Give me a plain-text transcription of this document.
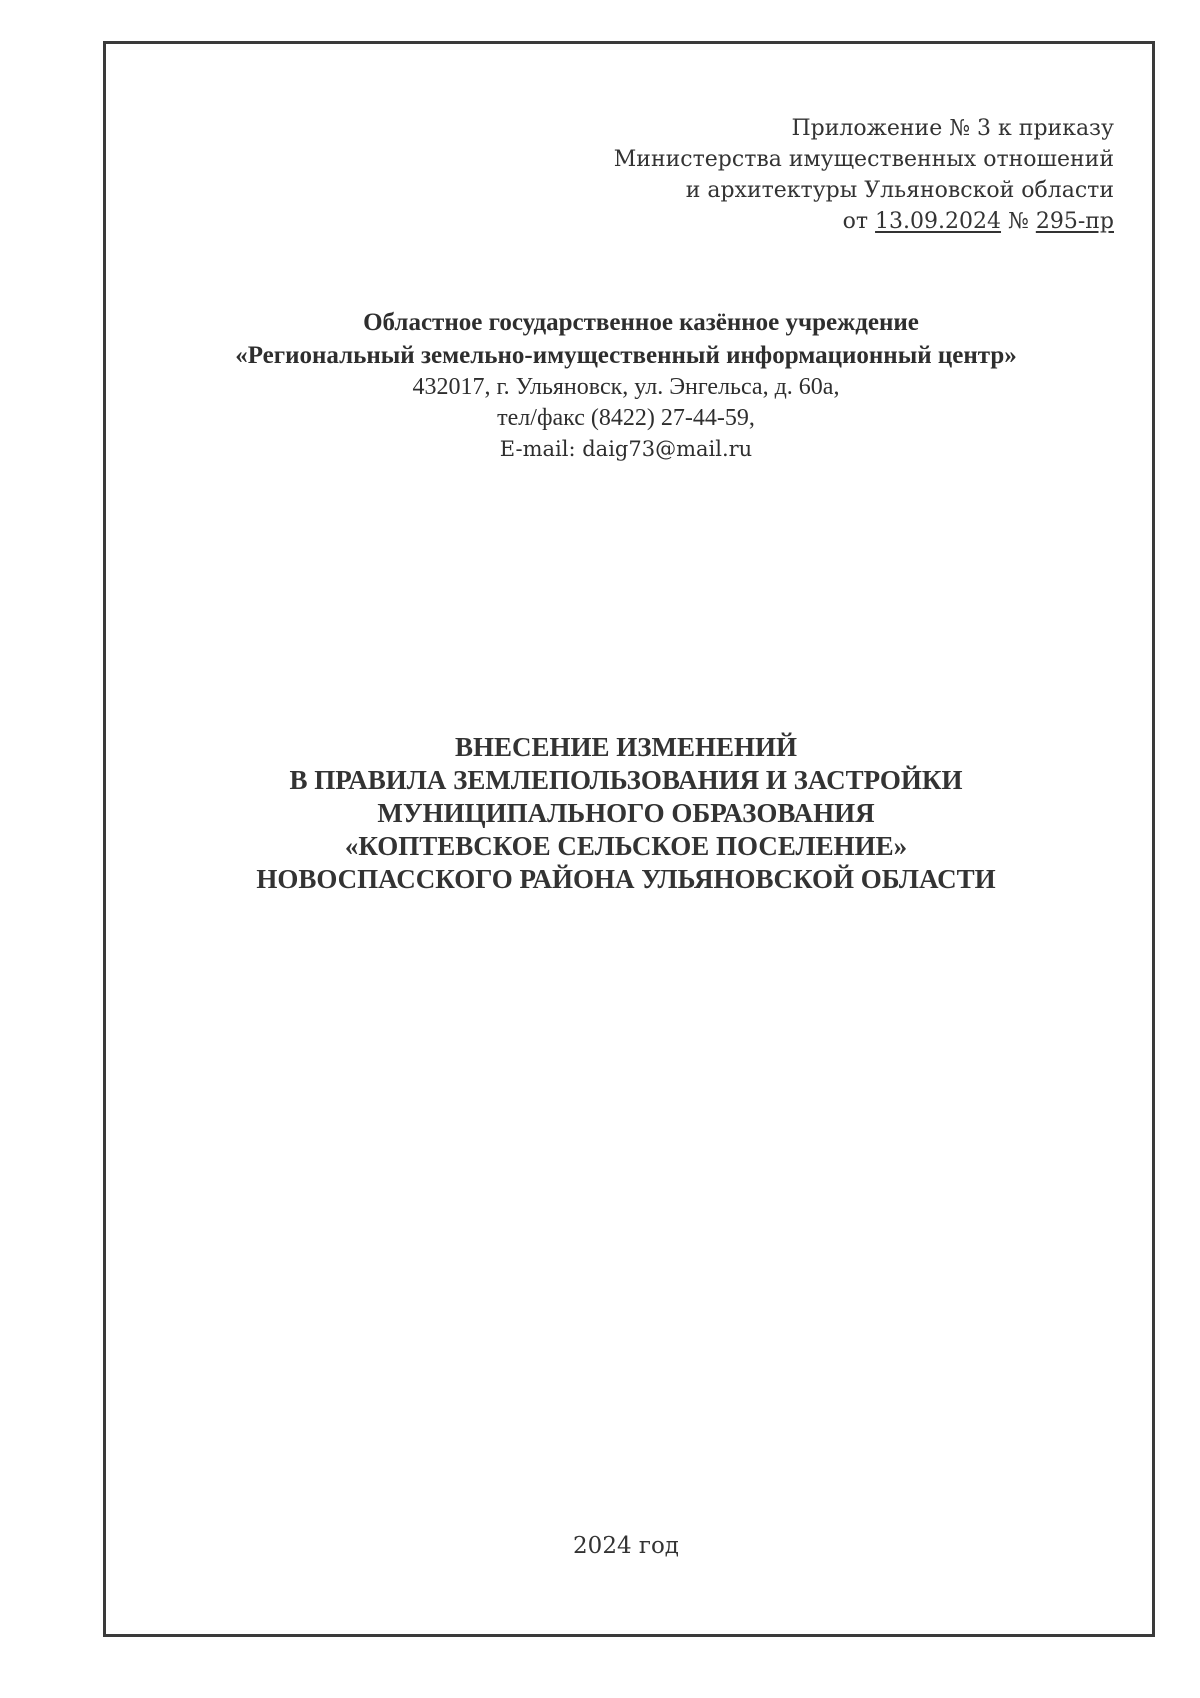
Приложение № 3 к приказу
Министерства имущественных отношений
и архитектуры Ульяновской области
от 13.09.2024 № 295-пр
Областное государственное казённое учреждение
«Региональный земельно-имущественный информационный центр»
432017, г. Ульяновск, ул. Энгельса, д. 60а,
тел/факс (8422) 27-44-59,
E-mail: daig73@mail.ru
ВНЕСЕНИЕ ИЗМЕНЕНИЙ
В ПРАВИЛА ЗЕМЛЕПОЛЬЗОВАНИЯ И ЗАСТРОЙКИ
МУНИЦИПАЛЬНОГО ОБРАЗОВАНИЯ
«КОПТЕВСКОЕ СЕЛЬСКОЕ ПОСЕЛЕНИЕ»
НОВОСПАССКОГО РАЙОНА УЛЬЯНОВСКОЙ ОБЛАСТИ
2024 год
